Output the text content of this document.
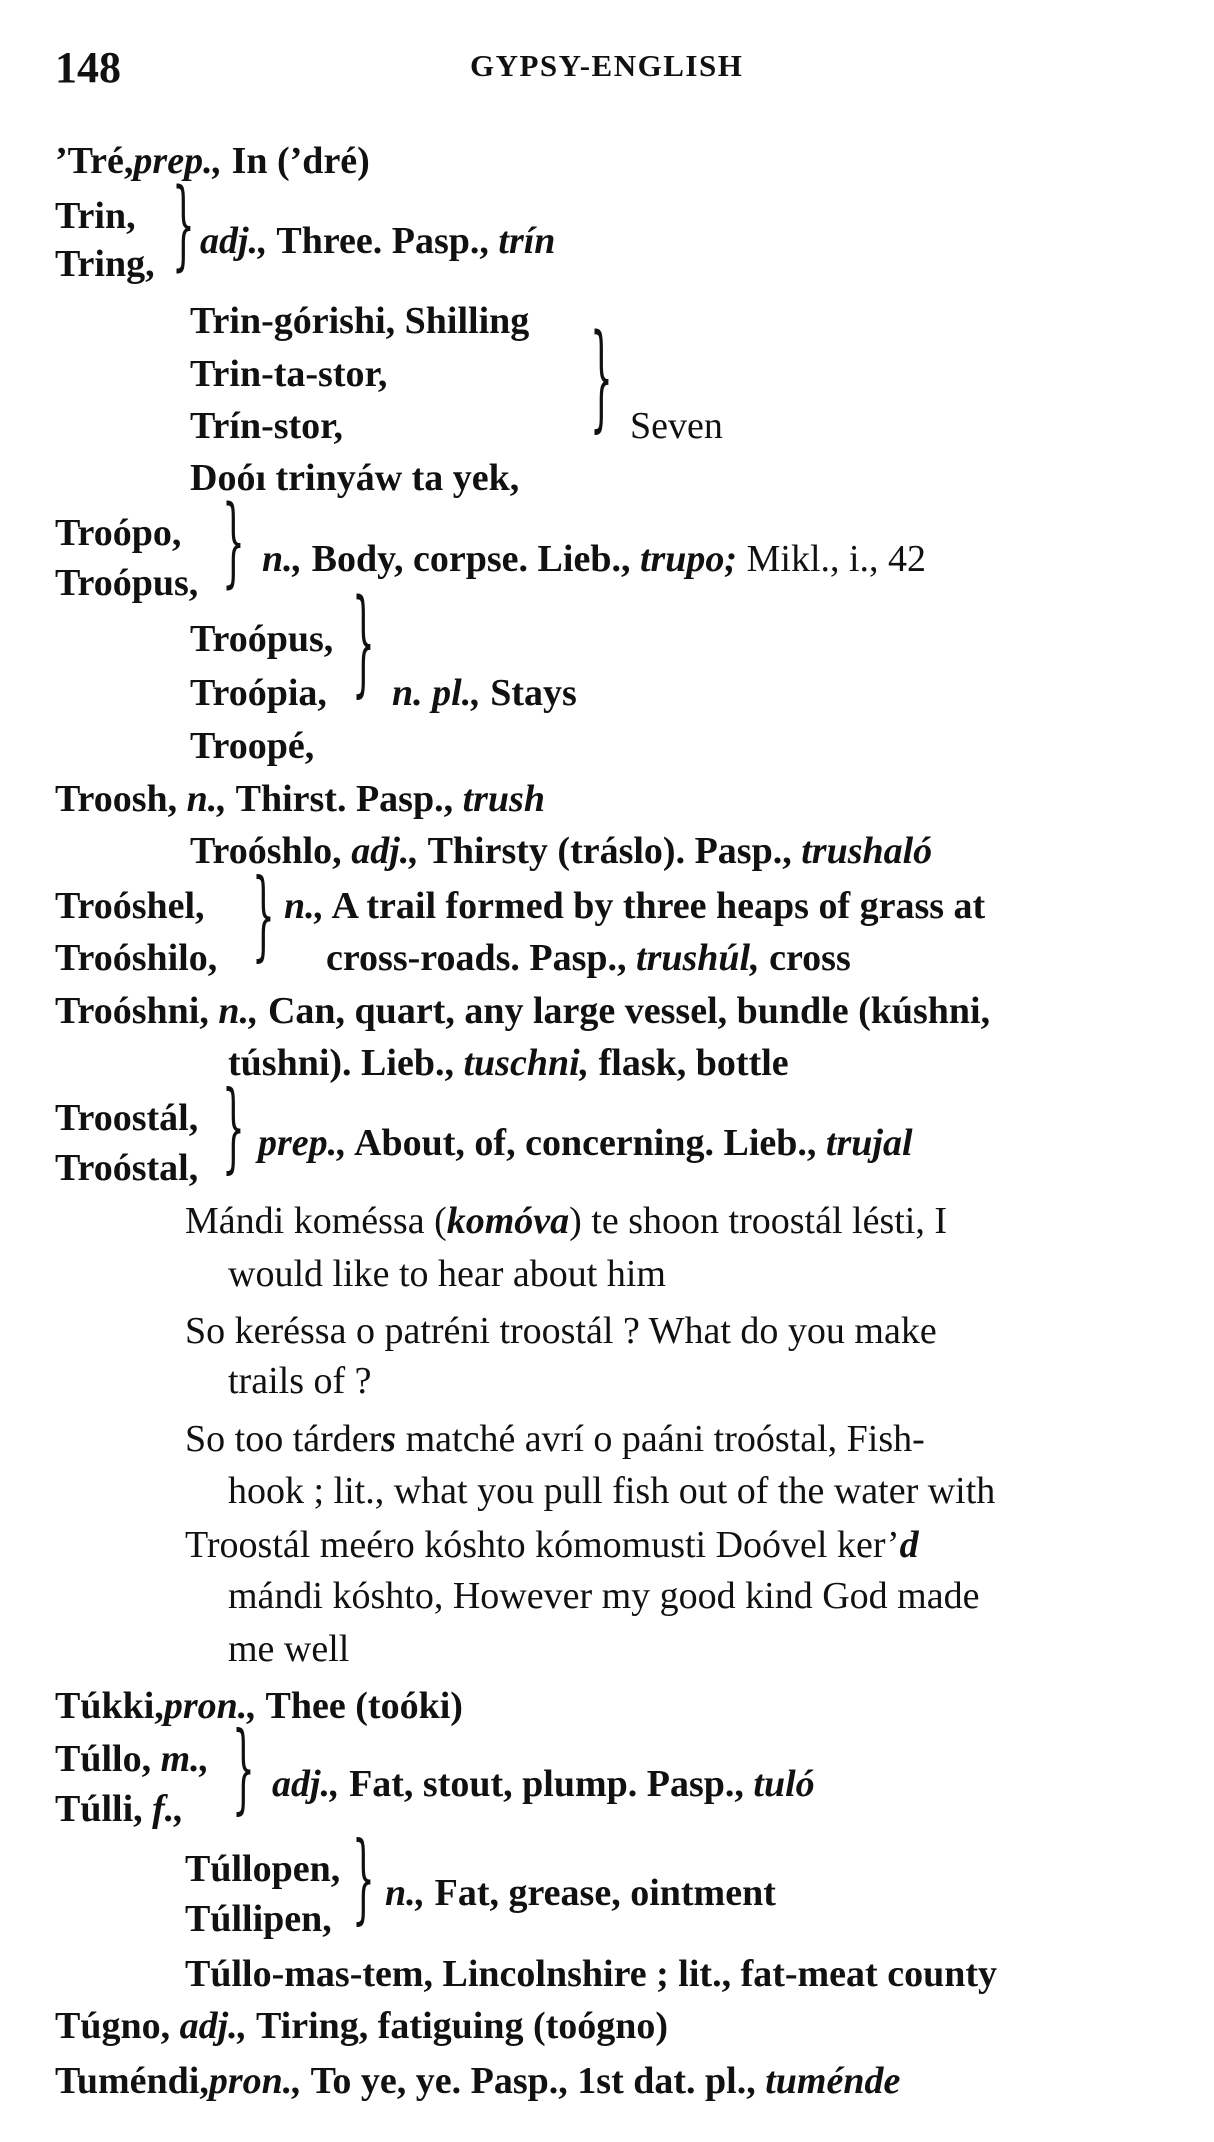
148	GYPSY-ENGLISH
’Tré,prep., In (’dré)
Trin,
Tring, } adj., Three. Pasp., trín
Trin-górishi, Shilling
Trin-ta-stor,
Trín-stor,
Doóı trinyáw ta yek,
} Seven
Troópo,
Troópus, } n., Body, corpse. Lieb., trupo; Mikl., i., 42
Troópus,
Troópia,
Troopé,
} n. pl., Stays
Troosh, n., Thirst. Pasp., trush
Troóshlo, adj., Thirsty (tráslo). Pasp., trushaló
Troóshel,
Troóshilo, } n., A trail formed by three heaps of grass at
cross-roads. Pasp., trushúl, cross
Troóshni, n., Can, quart, any large vessel, bundle (kúshni,
túshni). Lieb., tuschni, flask, bottle
Troostál,
Troóstal, } prep., About, of, concerning. Lieb., trujal
Mándi koméssa (komóva) te shoon troostál lésti, I
would like to hear about him
So keréssa o patréni troostál ? What do you make
trails of ?
So too tárders matché avrí o paáni troóstal, Fish-
hook ; lit., what you pull fish out of the water with
Troostál meéro kóshto kómomusti Doóvel ker’d
mándi kóshto, However my good kind God made
me well
Túkki,pron., Thee (toóki)
Túllo, m.,
Túlli, f., } adj., Fat, stout, plump. Pasp., tuló
Túllopen,
Túllipen, } n., Fat, grease, ointment
Túllo-mas-tem, Lincolnshire ; lit., fat-meat county
Túgno, adj., Tiring, fatiguing (toógno)
Tuméndi,pron., To ye, ye. Pasp., 1st dat. pl., tuménde
